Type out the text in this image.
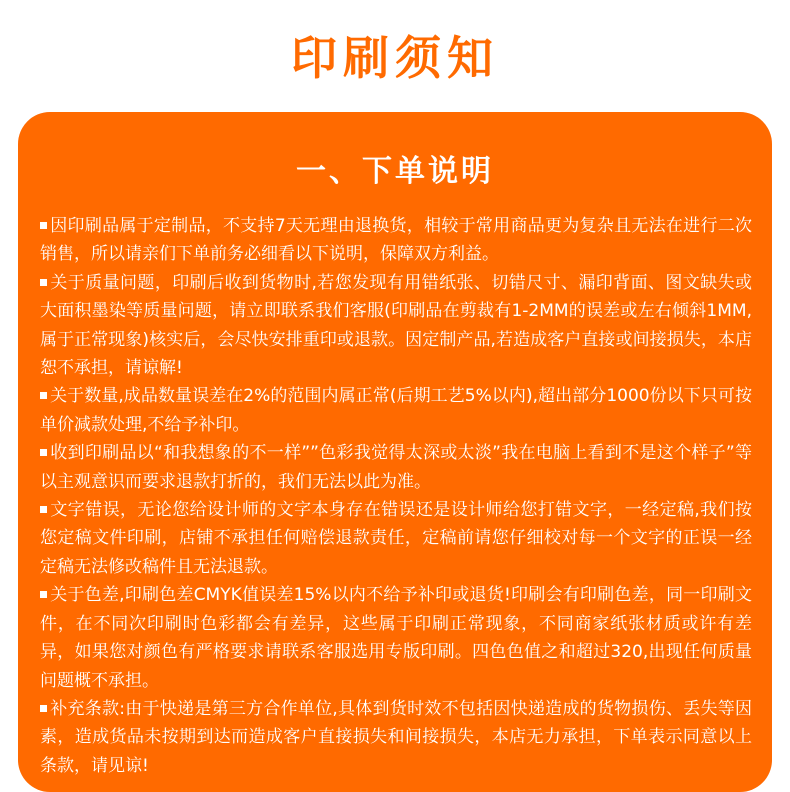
印刷须知
一、下单说明

因印刷品属于定制品，不支持7天无理由退换货，相较于常用商品更为复杂且无法在进行二次销售，所以请亲们下单前务必细看以下说明，保障双方利益。

关于质量问题，印刷后收到货物时,若您发现有用错纸张、切错尺寸、漏印背面、图文缺失或大面积墨染等质量问题，请立即联系我们客服(印刷品在剪裁有1-2MM的误差或左右倾斜1MM,属于正常现象)核实后，会尽快安排重印或退款。因定制产品,若造成客户直接或间接损失，本店恕不承担，请谅解!

关于数量,成品数量误差在2%的范围内属正常(后期工艺5%以内),超出部分1000份以下只可按单价减款处理,不给予补印。

收到印刷品以“和我想象的不一样””色彩我觉得太深或太淡”我在电脑上看到不是这个样子”等以主观意识而要求退款打折的，我们无法以此为准。

文字错误，无论您给设计师的文字本身存在错误还是设计师给您打错文字，一经定稿,我们按您定稿文件印刷，店铺不承担任何赔偿退款责任，定稿前请您仔细校对每一个文字的正误一经定稿无法修改稿件且无法退款。

关于色差,印刷色差CMYK值误差15%以内不给予补印或退货!印刷会有印刷色差，同一印刷文件，在不同次印刷时色彩都会有差异，这些属于印刷正常现象，不同商家纸张材质或许有差异，如果您对颜色有严格要求请联系客服选用专版印刷。四色色值之和超过320,出现任何质量问题概不承担。

补充条款:由于快递是第三方合作单位,具体到货时效不包括因快递造成的货物损伤、丢失等因素，造成货品未按期到达而造成客户直接损失和间接损失，本店无力承担，下单表示同意以上条款，请见谅!
